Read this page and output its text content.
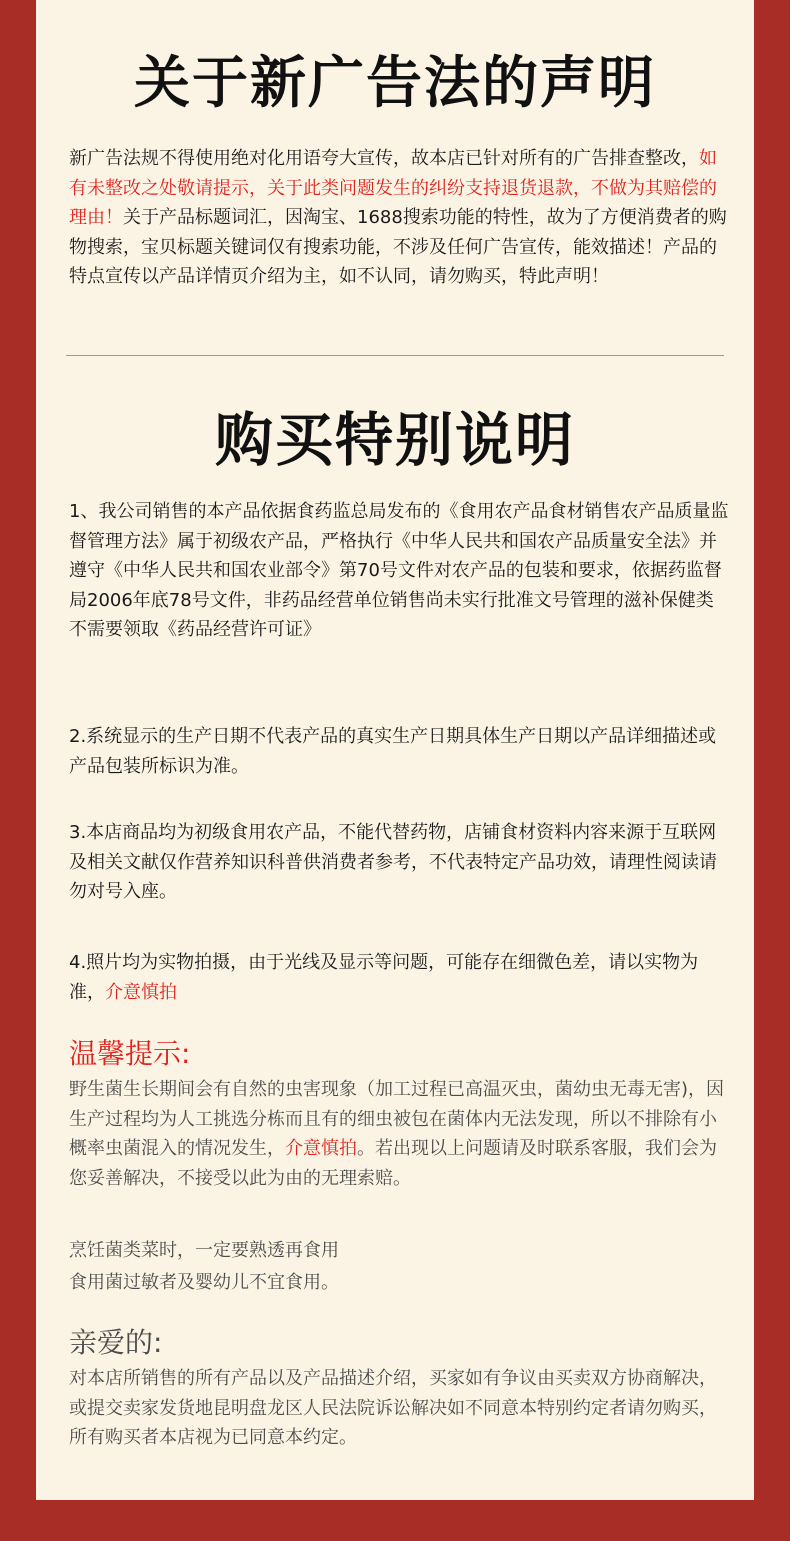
关于新广告法的声明

新广告法规不得使用绝对化用语夸大宣传，故本店已针对所有的广告排查整改，如有未整改之处敬请提示，关于此类问题发生的纠纷支持退货退款，不做为其赔偿的理由！关于产品标题词汇，因淘宝、1688搜索功能的特性，故为了方便消费者的购物搜索，宝贝标题关键词仅有搜索功能，不涉及任何广告宣传，能效描述！产品的特点宣传以产品详情页介绍为主，如不认同，请勿购买，特此声明！

购买特别说明

1、我公司销售的本产品依据食药监总局发布的《食用农产品食材销售农产品质量监督管理方法》属于初级农产品，严格执行《中华人民共和国农产品质量安全法》并遵守《中华人民共和国农业部令》第70号文件对农产品的包装和要求，依据药监督局2006年底78号文件，非药品经营单位销售尚未实行批准文号管理的滋补保健类不需要领取《药品经营许可证》

2.系统显示的生产日期不代表产品的真实生产日期具体生产日期以产品详细描述或产品包装所标识为准。

3.本店商品均为初级食用农产品，不能代替药物，店铺食材资料内容来源于互联网及相关文献仅作营养知识科普供消费者参考，不代表特定产品功效，请理性阅读请勿对号入座。

4.照片均为实物拍摄，由于光线及显示等问题，可能存在细微色差，请以实物为准，介意慎拍

温馨提示:

野生菌生长期间会有自然的虫害现象（加工过程已高温灭虫，菌幼虫无毒无害)，因生产过程均为人工挑选分栋而且有的细虫被包在菌体内无法发现，所以不排除有小概率虫菌混入的情况发生，介意慎拍。若出现以上问题请及时联系客服，我们会为您妥善解决，不接受以此为由的无理索赔。

烹饪菌类菜时，一定要熟透再食用

食用菌过敏者及婴幼儿不宜食用。

亲爱的:

对本店所销售的所有产品以及产品描述介绍，买家如有争议由买卖双方协商解决，或提交卖家发货地昆明盘龙区人民法院诉讼解决如不同意本特别约定者请勿购买，所有购买者本店视为已同意本约定。
